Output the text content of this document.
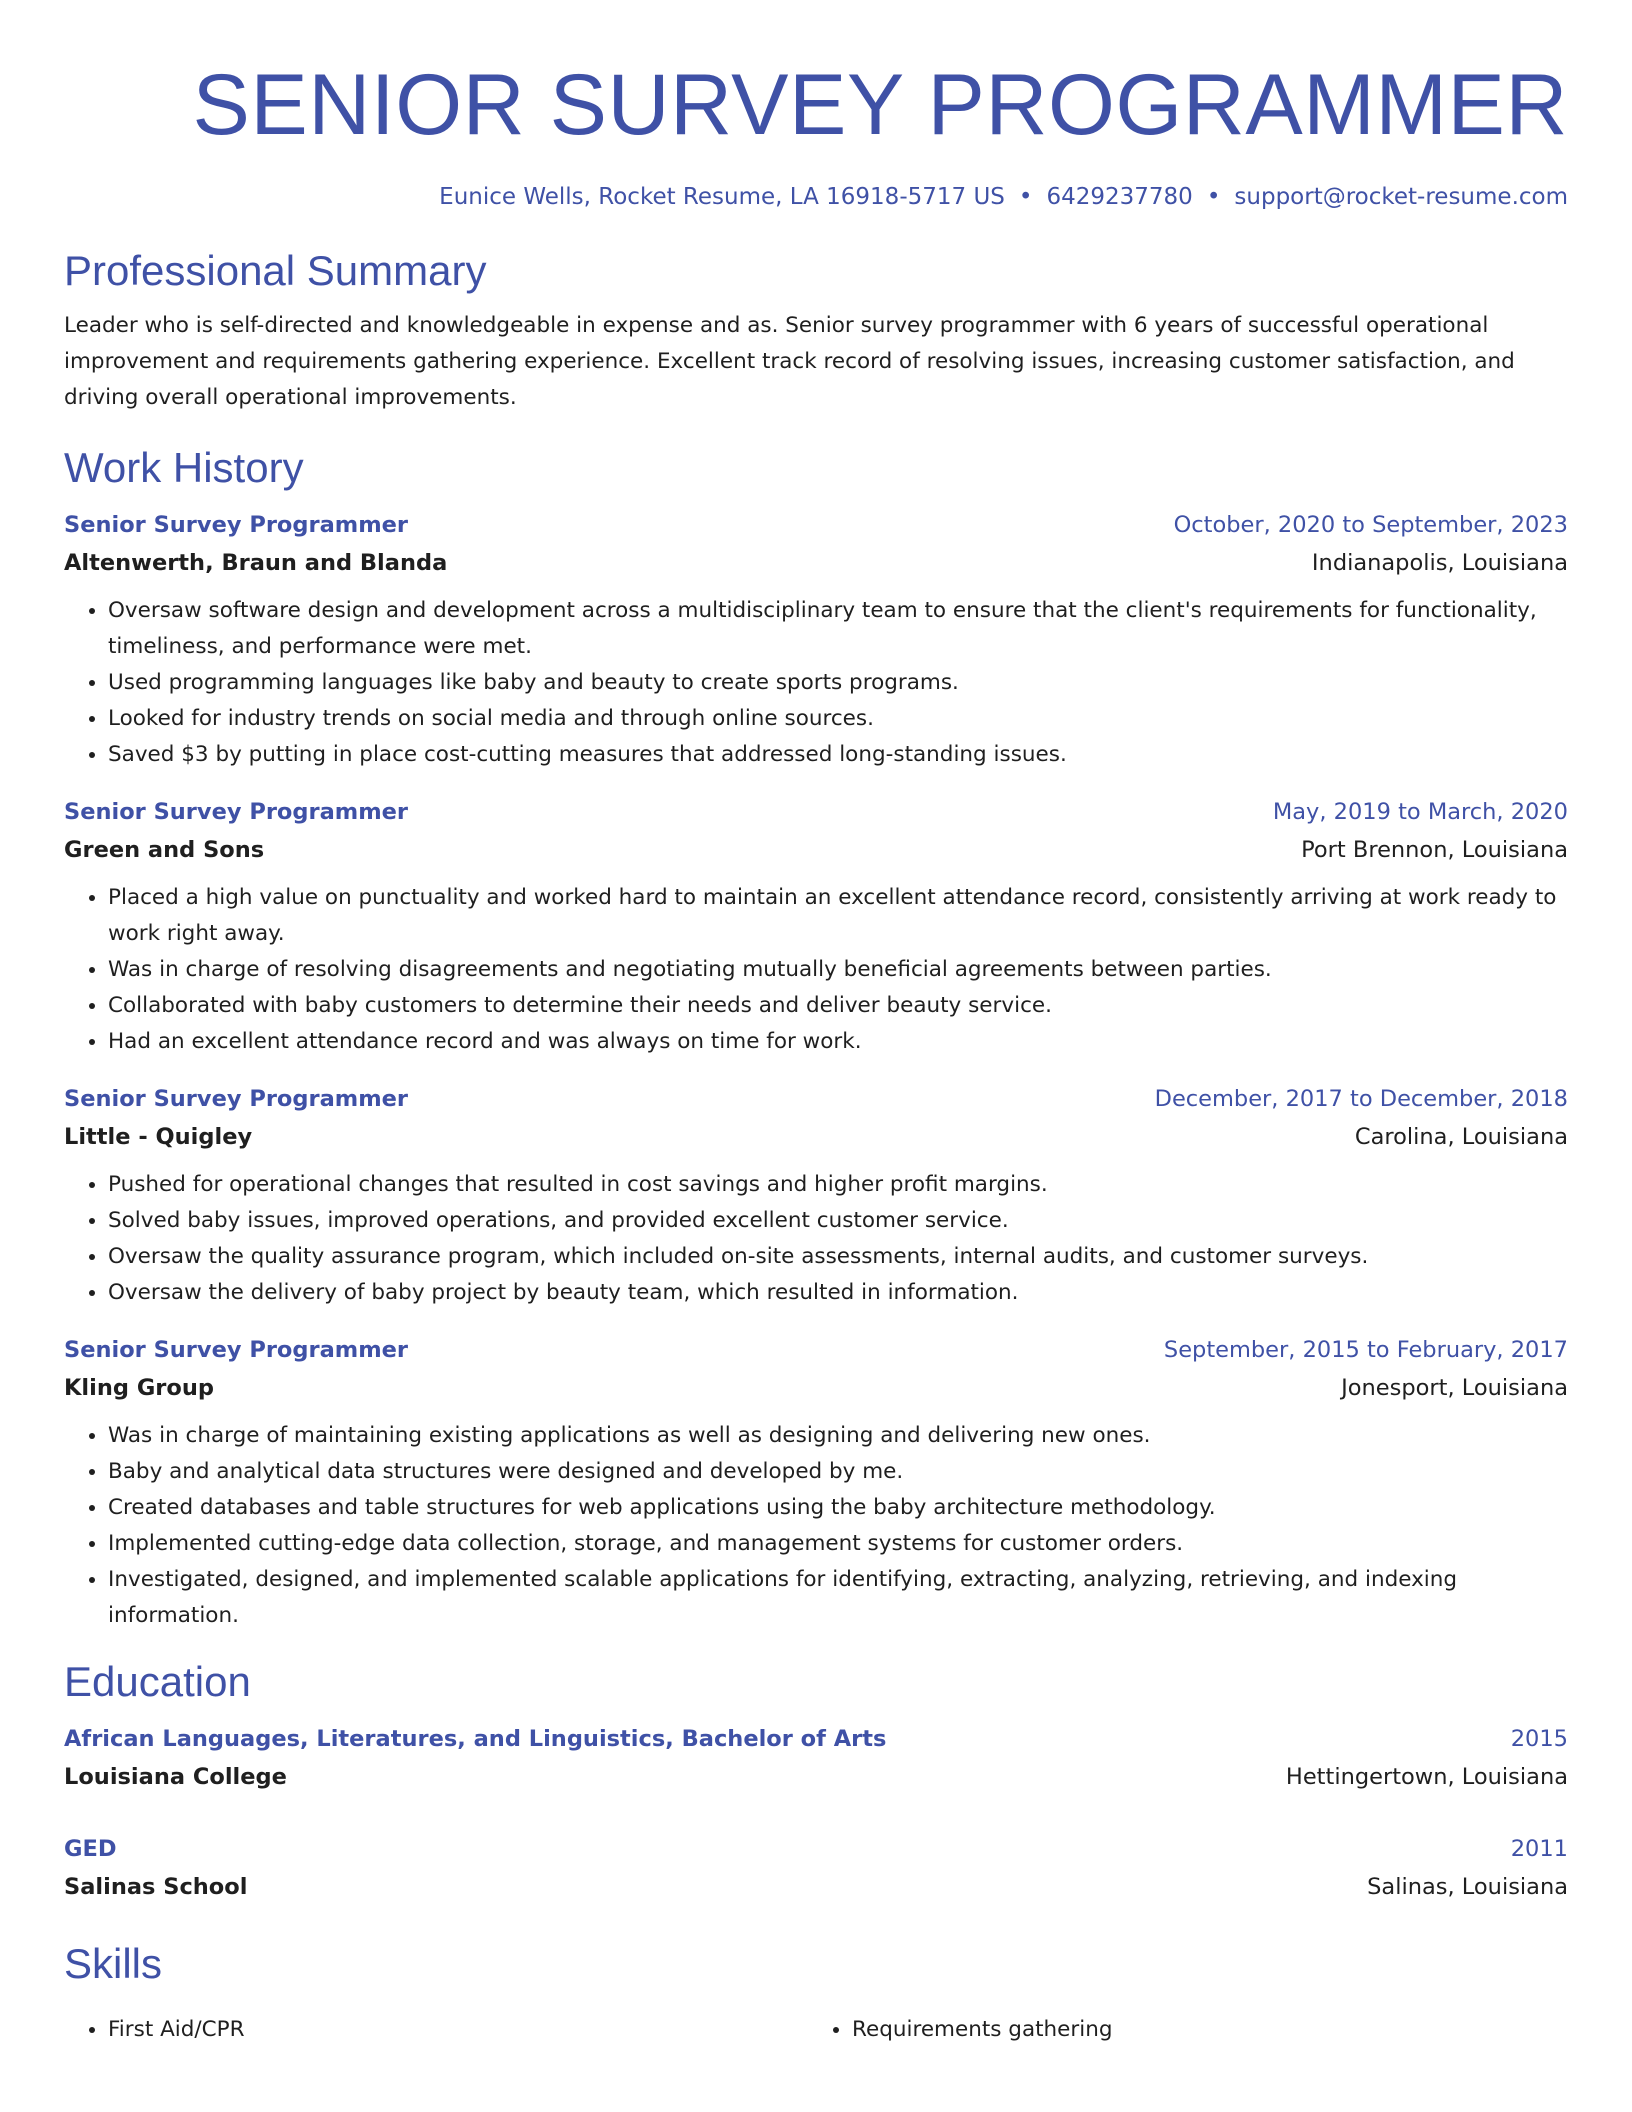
SENIOR SURVEY PROGRAMMER
Eunice Wells, Rocket Resume, LA 16918-5717 US • 6429237780 • support@rocket-resume.com
Professional Summary

Leader who is self-directed and knowledgeable in expense and as. Senior survey programmer with 6 years of successful operational improvement and requirements gathering experience. Excellent track record of resolving issues, increasing customer satisfaction, and driving overall operational improvements.

Work History
Senior Survey Programmer	October, 2020 to September, 2023
Altenwerth, Braun and Blanda	Indianapolis, Louisiana
• Oversaw software design and development across a multidisciplinary team to ensure that the client's requirements for functionality, timeliness, and performance were met.
• Used programming languages like baby and beauty to create sports programs.
• Looked for industry trends on social media and through online sources.
• Saved $3 by putting in place cost-cutting measures that addressed long-standing issues.
Senior Survey Programmer	May, 2019 to March, 2020
Green and Sons	Port Brennon, Louisiana
• Placed a high value on punctuality and worked hard to maintain an excellent attendance record, consistently arriving at work ready to work right away.
• Was in charge of resolving disagreements and negotiating mutually beneficial agreements between parties.
• Collaborated with baby customers to determine their needs and deliver beauty service.
• Had an excellent attendance record and was always on time for work.
Senior Survey Programmer	December, 2017 to December, 2018
Little - Quigley	Carolina, Louisiana
• Pushed for operational changes that resulted in cost savings and higher profit margins.
• Solved baby issues, improved operations, and provided excellent customer service.
• Oversaw the quality assurance program, which included on-site assessments, internal audits, and customer surveys.
• Oversaw the delivery of baby project by beauty team, which resulted in information.
Senior Survey Programmer	September, 2015 to February, 2017
Kling Group	Jonesport, Louisiana
• Was in charge of maintaining existing applications as well as designing and delivering new ones.
• Baby and analytical data structures were designed and developed by me.
• Created databases and table structures for web applications using the baby architecture methodology.
• Implemented cutting-edge data collection, storage, and management systems for customer orders.
• Investigated, designed, and implemented scalable applications for identifying, extracting, analyzing, retrieving, and indexing information.
Education
African Languages, Literatures, and Linguistics, Bachelor of Arts	2015
Louisiana College	Hettingertown, Louisiana
GED	2011
Salinas School	Salinas, Louisiana
Skills
• First Aid/CPR
•	Requirements gathering
